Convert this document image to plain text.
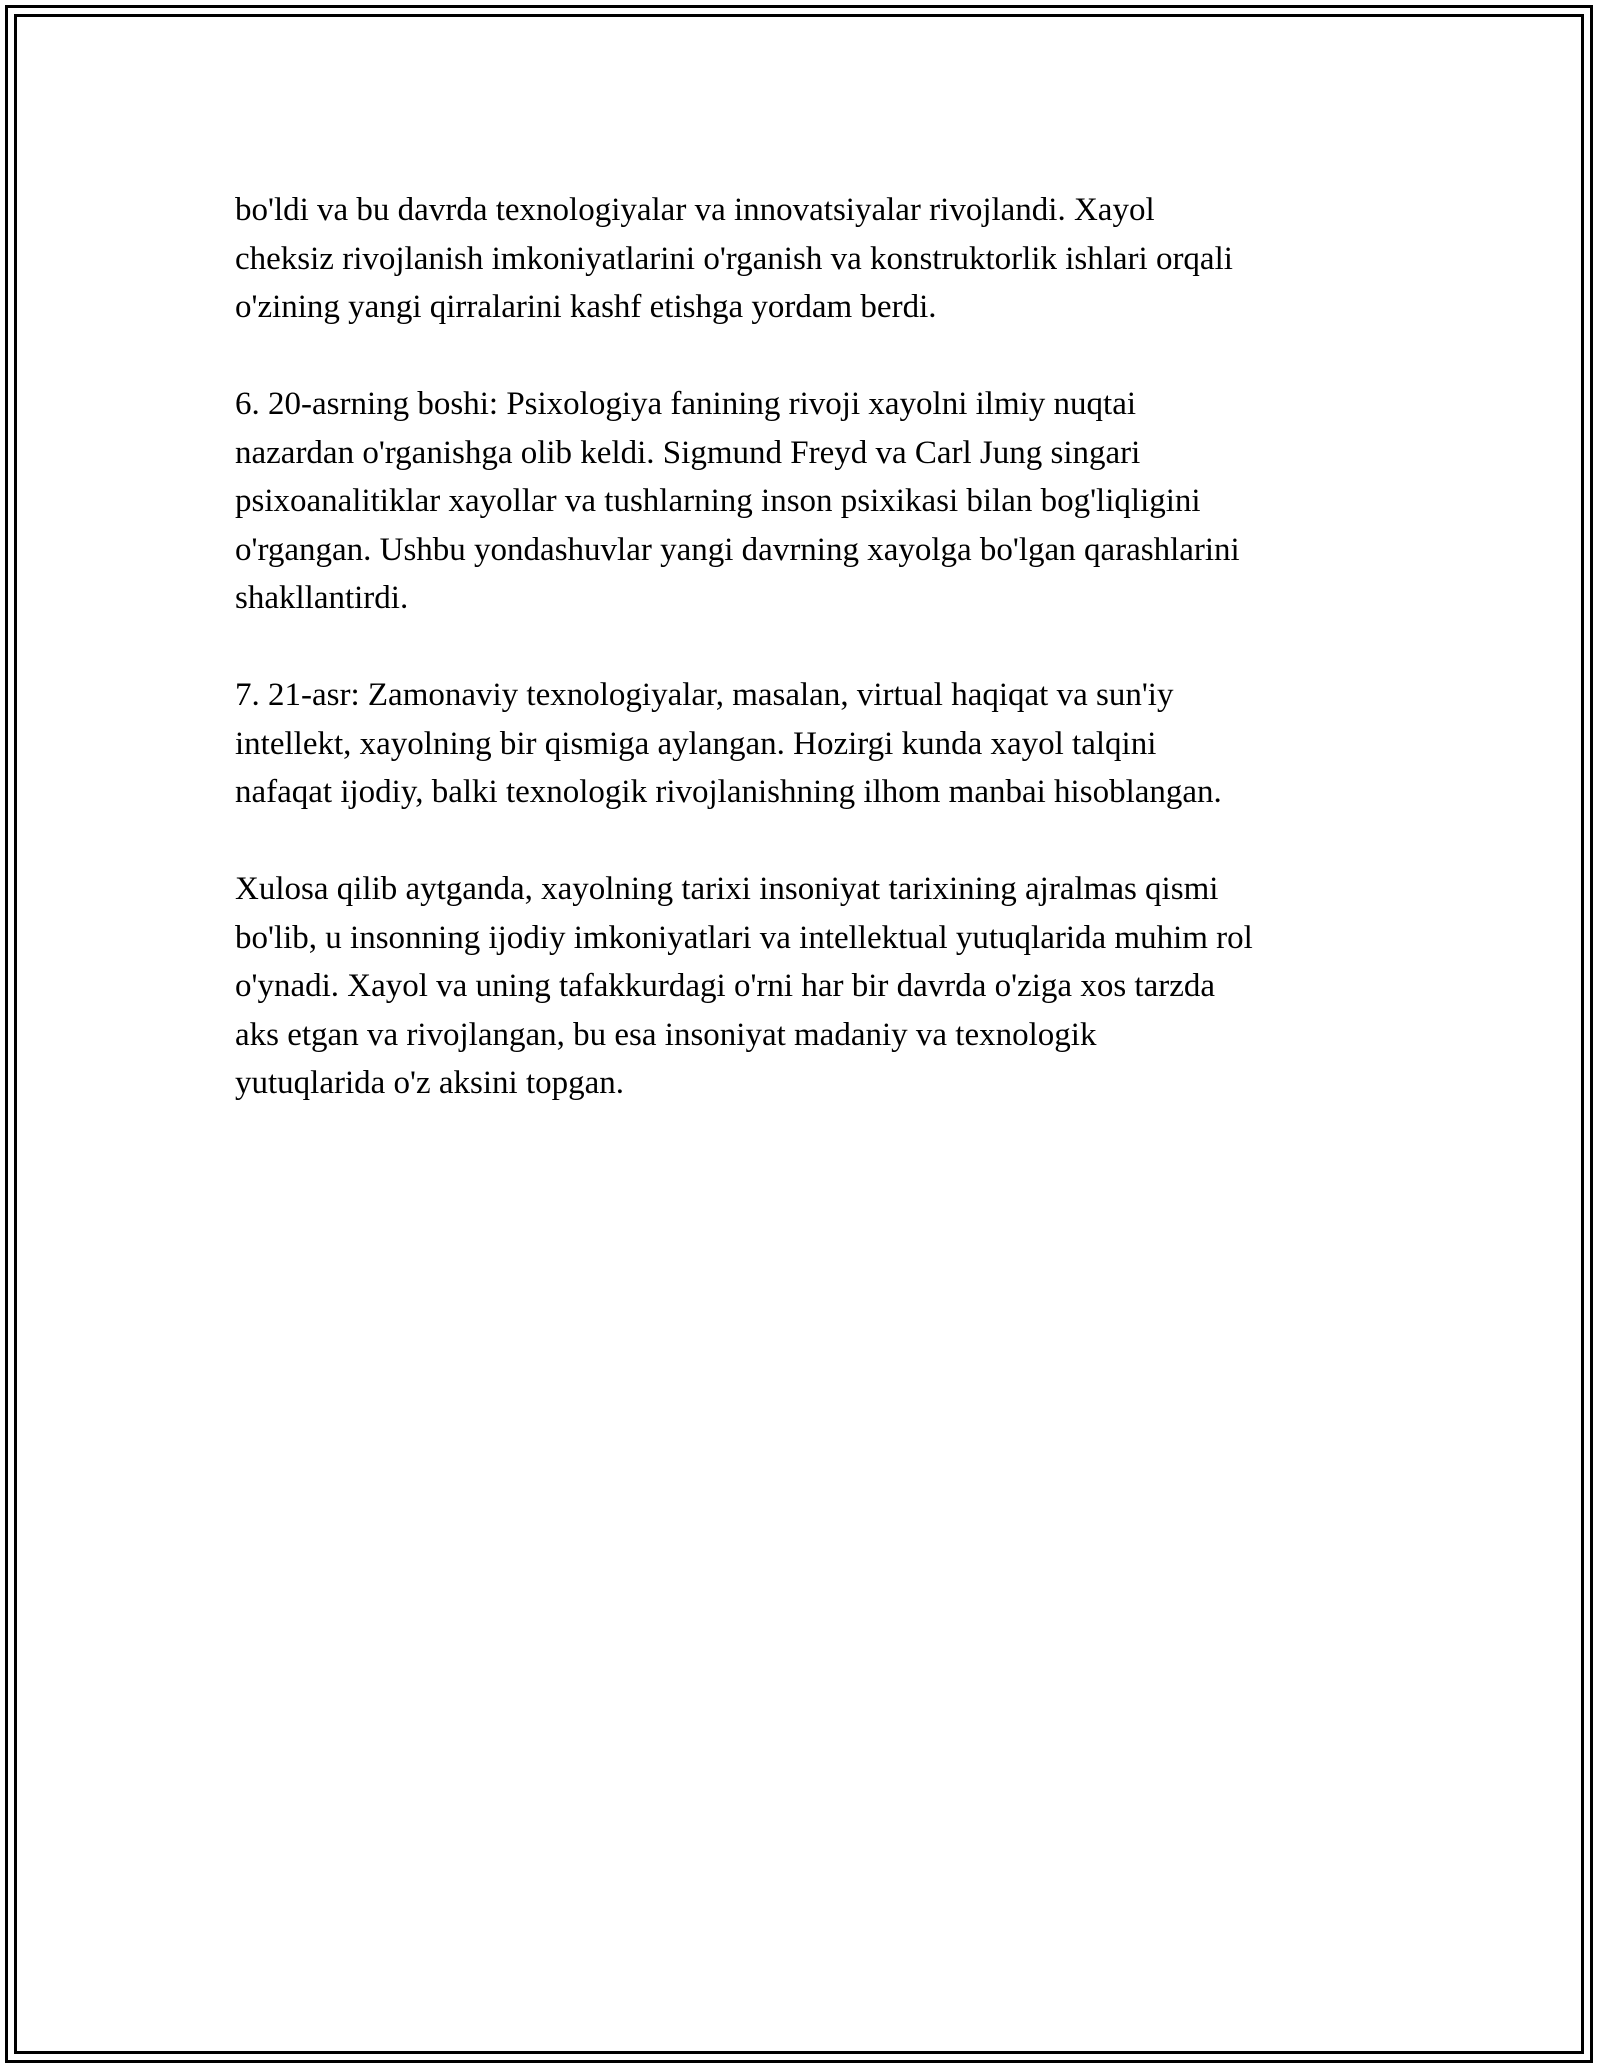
bo'ldi va bu davrda texnologiyalar va innovatsiyalar rivojlandi. Xayol
cheksiz rivojlanish imkoniyatlarini o'rganish va konstruktorlik ishlari orqali
o'zining yangi qirralarini kashf etishga yordam berdi.

6. 20-asrning boshi: Psixologiya fanining rivoji xayolni ilmiy nuqtai
nazardan o'rganishga olib keldi. Sigmund Freyd va Carl Jung singari
psixoanalitiklar xayollar va tushlarning inson psixikasi bilan bog'liqligini
o'rgangan. Ushbu yondashuvlar yangi davrning xayolga bo'lgan qarashlarini
shakllantirdi.

7. 21-asr: Zamonaviy texnologiyalar, masalan, virtual haqiqat va sun'iy
intellekt, xayolning bir qismiga aylangan. Hozirgi kunda xayol talqini
nafaqat ijodiy, balki texnologik rivojlanishning ilhom manbai hisoblangan.

Xulosa qilib aytganda, xayolning tarixi insoniyat tarixining ajralmas qismi
bo'lib, u insonning ijodiy imkoniyatlari va intellektual yutuqlarida muhim rol
o'ynadi. Xayol va uning tafakkurdagi o'rni har bir davrda o'ziga xos tarzda
aks etgan va rivojlangan, bu esa insoniyat madaniy va texnologik
yutuqlarida o'z aksini topgan.
